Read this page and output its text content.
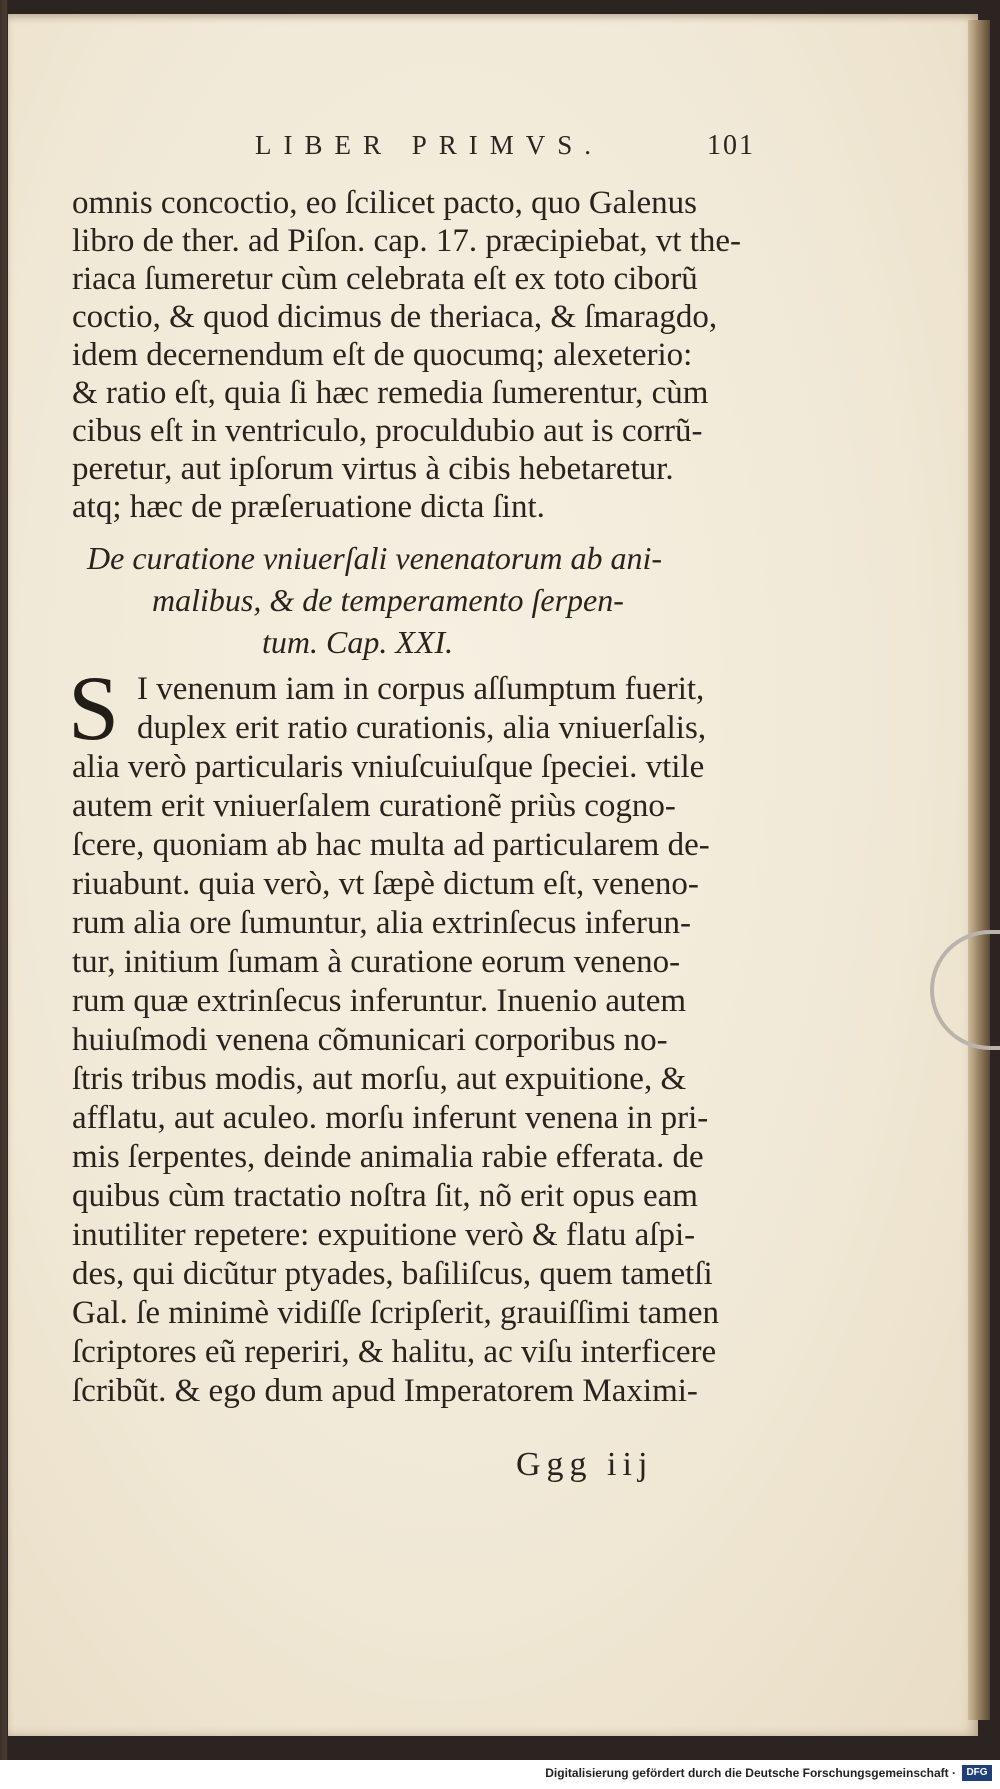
LIBER PRIMVS.	101
omnis concoctio, eo ſcilicet pacto, quo Galenus
libro de ther. ad Piſon. cap. 17. præcipiebat, vt the-
riaca ſumeretur cùm celebrata eſt ex toto ciborũ
coctio, & quod dicimus de theriaca, & ſmaragdo,
idem decernendum eſt de quocumq; alexeterio:
& ratio eſt, quia ſi hæc remedia ſumerentur, cùm
cibus eſt in ventriculo, proculdubio aut is corrũ-
peretur, aut ipſorum virtus à cibis hebetaretur.
atq; hæc de præſeruatione dicta ſint.
De curatione vniuerſali venenatorum ab ani-
malibus, & de temperamento ſerpen-
tum. Cap. XXI.
I venenum iam in corpus aſſumptum fuerit,
duplex erit ratio curationis, alia vniuerſalis,
alia verò particularis vniuſcuiuſque ſpeciei. vtile
autem erit vniuerſalem curationẽ priùs cogno-
ſcere, quoniam ab hac multa ad particularem de-
riuabunt. quia verò, vt ſæpè dictum eſt, veneno-
rum alia ore ſumuntur, alia extrinſecus inferun-
tur, initium ſumam à curatione eorum veneno-
rum quæ extrinſecus inferuntur. Inuenio autem
huiuſmodi venena cõmunicari corporibus no-
ſtris tribus modis, aut morſu, aut expuitione, &
afflatu, aut aculeo. morſu inferunt venena in pri-
mis ſerpentes, deinde animalia rabie efferata. de
quibus cùm tractatio noſtra ſit, nõ erit opus eam
inutiliter repetere: expuitione verò & flatu aſpi-
des, qui dicũtur ptyades, baſiliſcus, quem tametſi
Gal. ſe minimè vidiſſe ſcripſerit, grauiſſimi tamen
ſcriptores eũ reperiri, & halitu, ac viſu interficere
ſcribũt. & ego dum apud Imperatorem Maximi-
S
Ggg iij
Digitalisierung gefördert durch die Deutsche Forschungsgemeinschaft ·	DFG
